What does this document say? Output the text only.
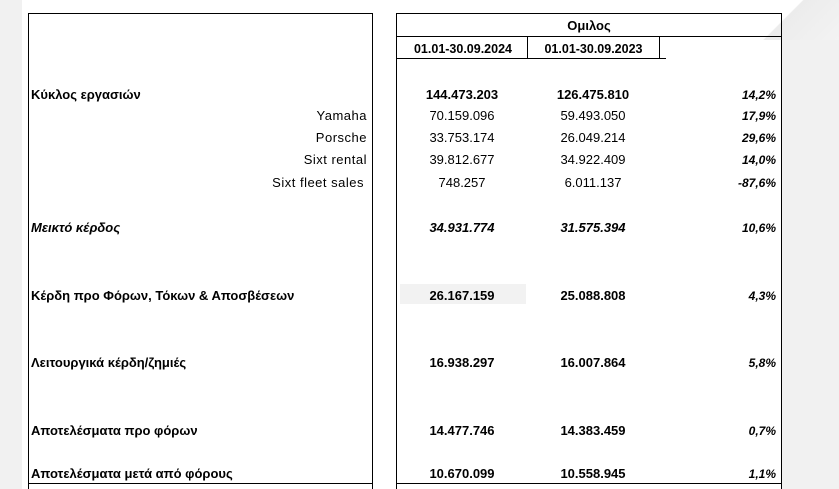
Ομιλος
01.01-30.09.2024	01.01-30.09.2023
Κύκλος εργασιών	144.473.203	126.475.810	14,2%
Yamaha	70.159.096	59.493.050	17,9%
Porsche	33.753.174	26.049.214	29,6%
Sixt rental	39.812.677	34.922.409	14,0%
Sixt fleet sales	748.257	6.011.137	-87,6%
Μεικτό κέρδος	34.931.774	31.575.394	10,6%
Κέρδη προ Φόρων, Τόκων & Αποσβέσεων	26.167.159	25.088.808	4,3%
Λειτουργικά κέρδη/ζημιές	16.938.297	16.007.864	5,8%
Αποτελέσματα προ φόρων	14.477.746	14.383.459	0,7%
Αποτελέσματα μετά από φόρους	10.670.099	10.558.945	1,1%
